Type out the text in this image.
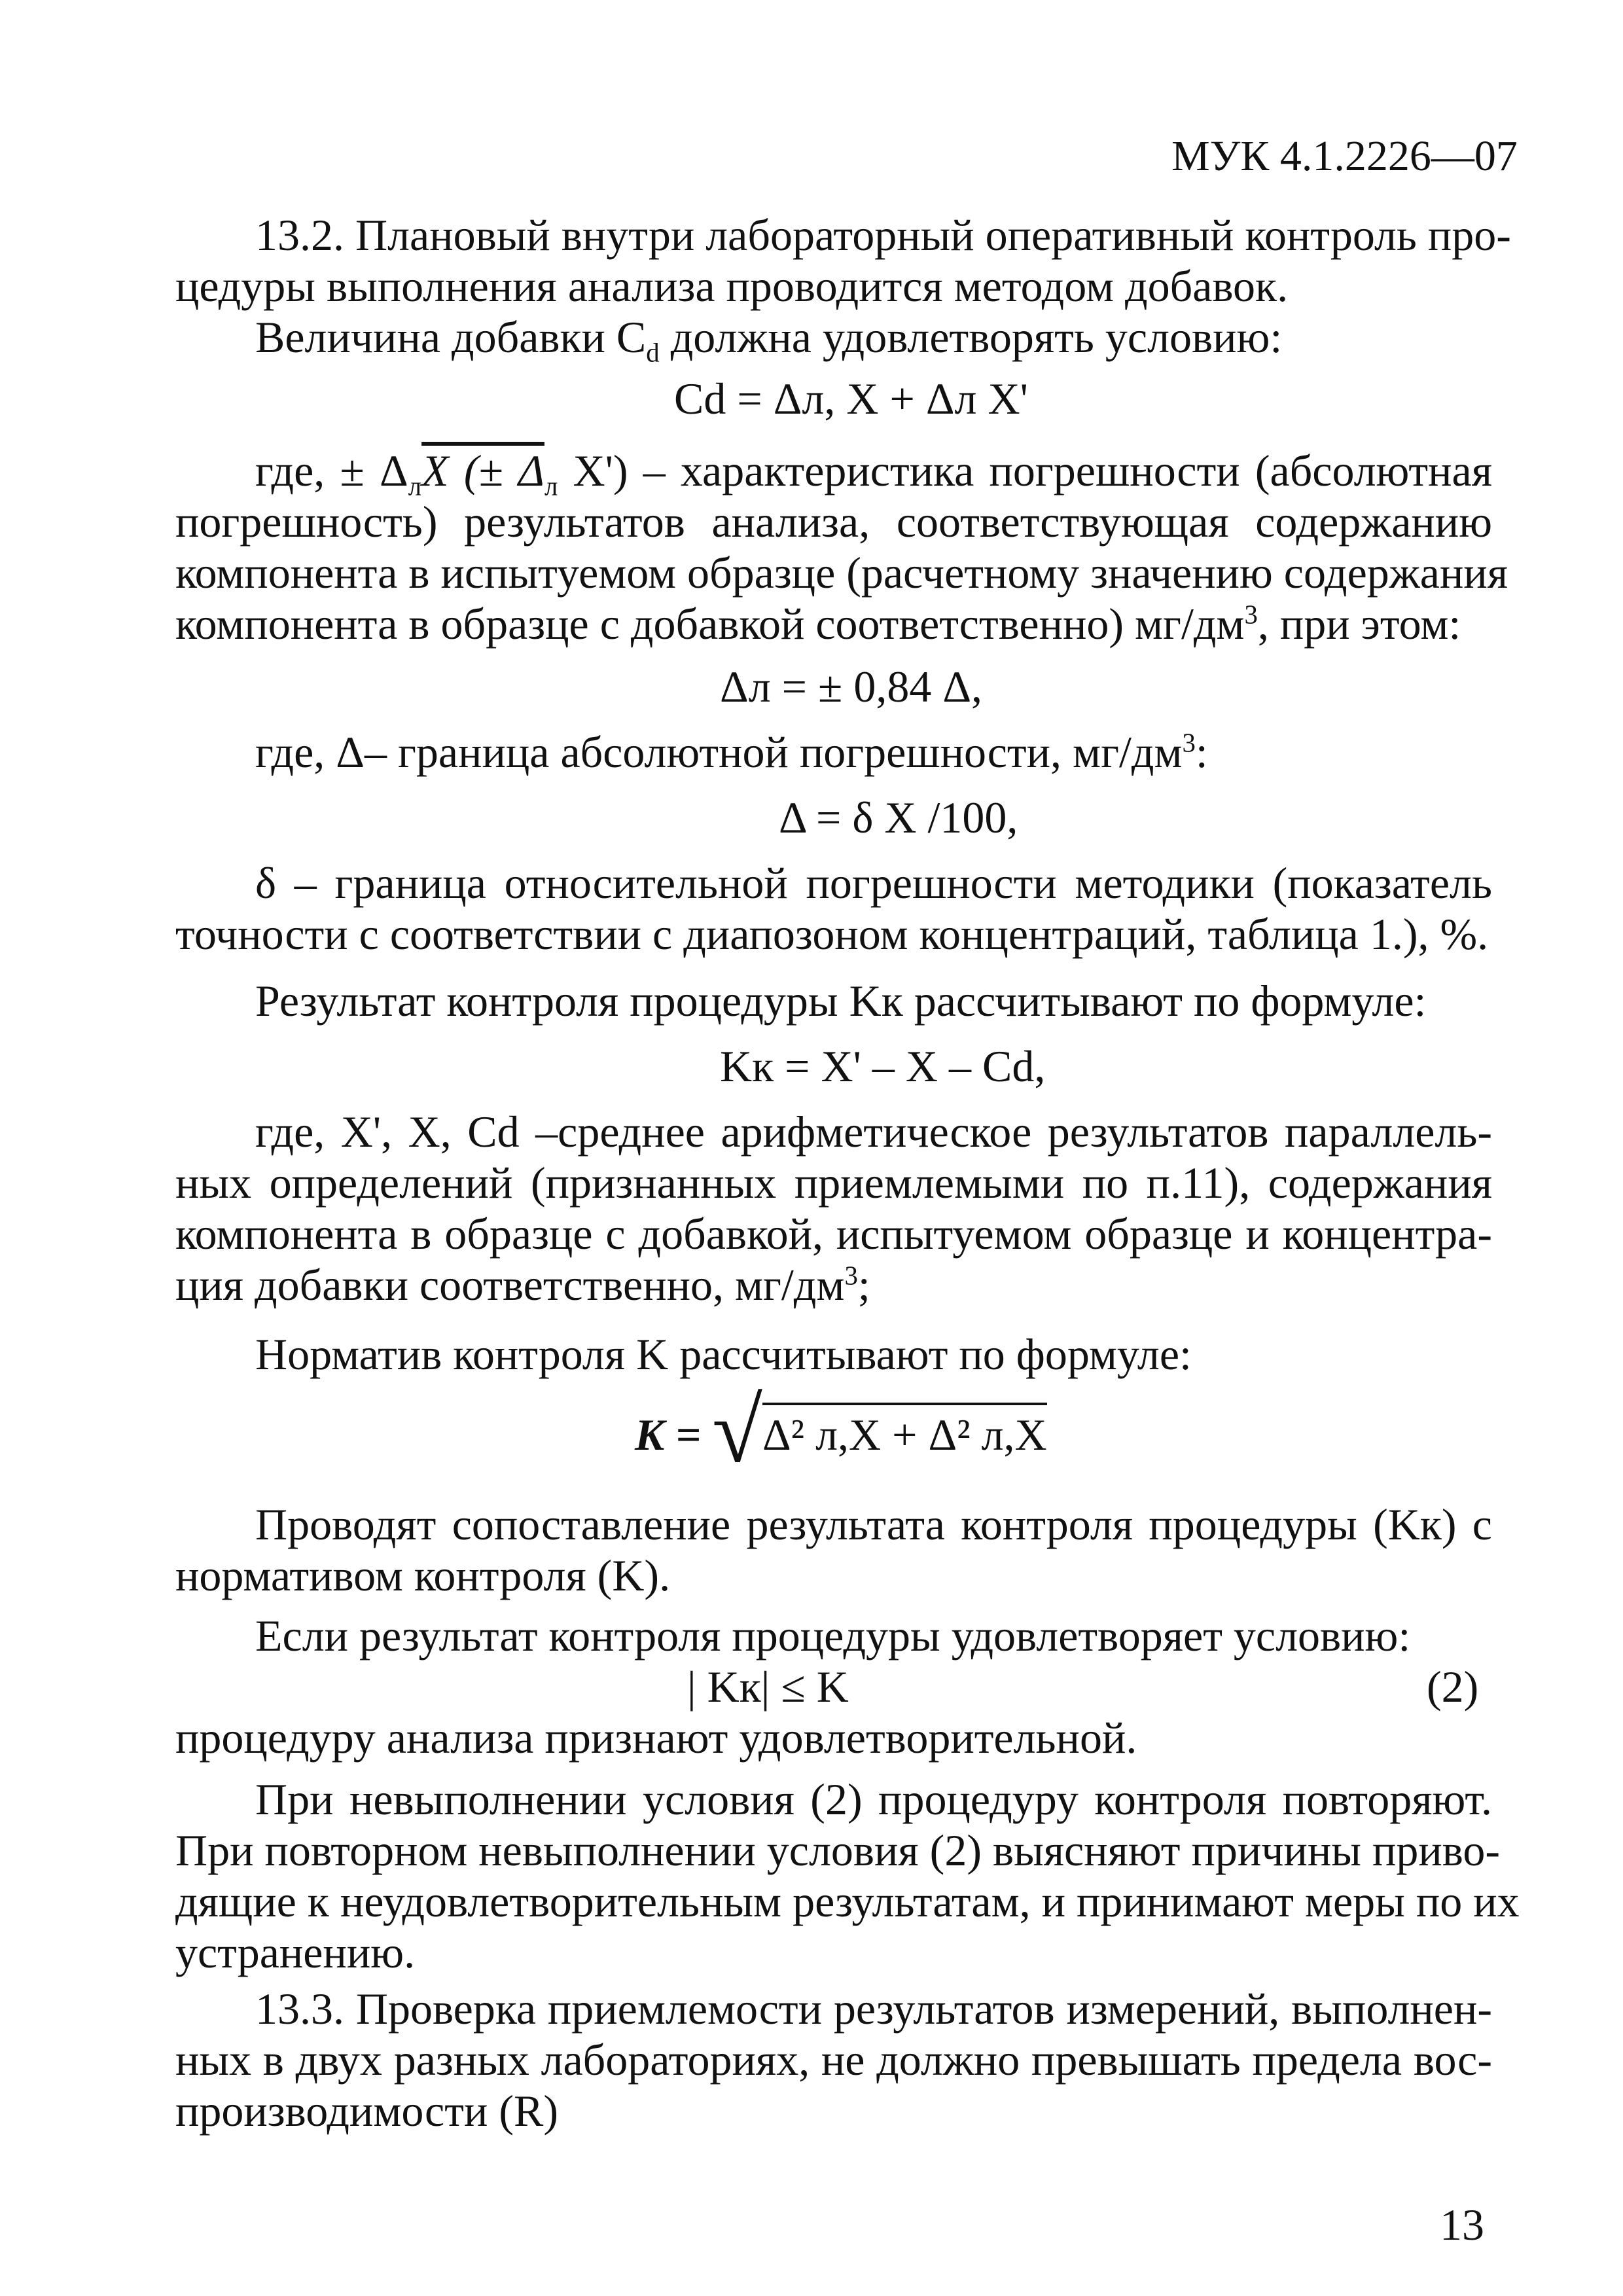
МУК 4.1.2226—07
13.2. Плановый внутри лабораторный оперативный контроль про-
цедуры выполнения анализа проводится методом добавок.
Величина добавки $C_d$ должна удовлетворять условию:
Cd = Δл, X + Δл X'
где, ± $\Delta_лX$ (± $\Delta_л$ X') – характеристика погрешности (абсолютная
погрешность) результатов анализа, соответствующая содержанию
компонента в испытуемом образце (расчетному значению содержания
компонента в образце с добавкой соответственно) $мг/дм^3$, при этом:
Δл = ± 0,84 Δ,
где, Δ– граница абсолютной погрешности, $мг/дм^3$:
Δ = δ X /100,
δ – граница относительной погрешности методики (показатель
точности с соответствии с диапозоном концентраций, таблица 1.), %.
Результат контроля процедуры Kк рассчитывают по формуле:
Kк = X' – X – Cd,
где, X', X, Cd –среднее арифметическое результатов параллель-
ных определений (признанных приемлемыми по п.11), содержания
компонента в образце с добавкой, испытуемом образце и концентра-
ция добавки соответственно, $мг/дм^3$;
Норматив контроля K рассчитывают по формуле:
K = √Δ² л,X + Δ² л,X
Проводят сопоставление результата контроля процедуры (Kк) с
нормативом контроля (K).
Если результат контроля процедуры удовлетворяет условию:
| Kк| ≤ K	(2)
процедуру анализа признают удовлетворительной.
При невыполнении условия (2) процедуру контроля повторяют.
При повторном невыполнении условия (2) выясняют причины приво-
дящие к неудовлетворительным результатам, и принимают меры по их
устранению.
13.3. Проверка приемлемости результатов измерений, выполнен-
ных в двух разных лабораториях, не должно превышать предела вос-
производимости (R)
13
